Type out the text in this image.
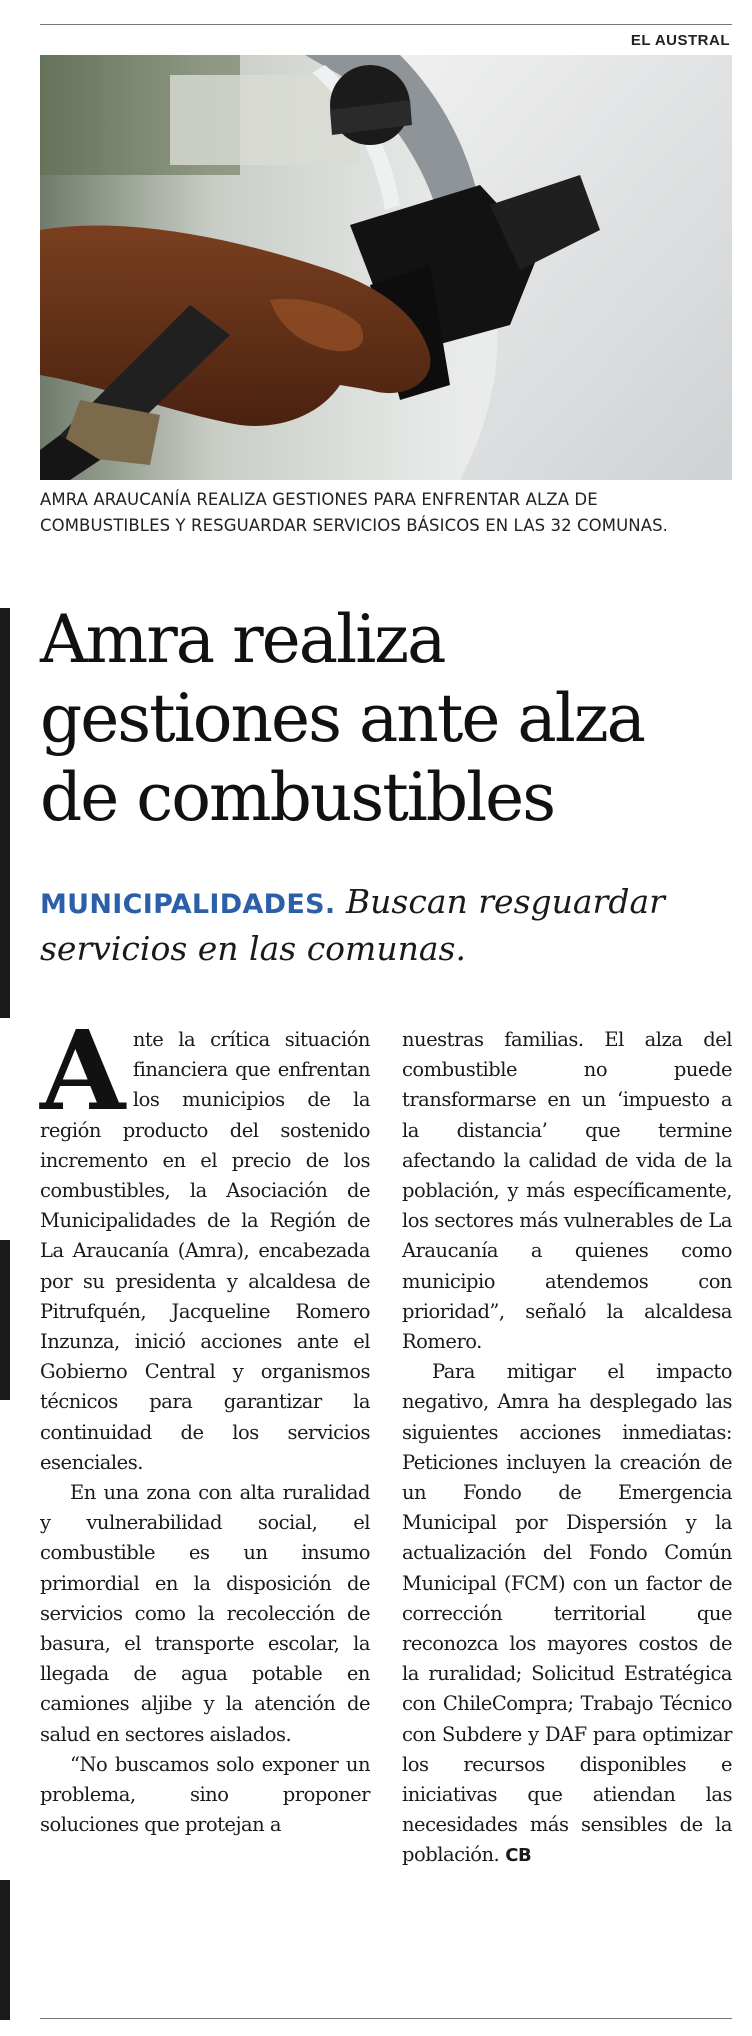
EL AUSTRAL
AMRA ARAUCANÍA REALIZA GESTIONES PARA ENFRENTAR ALZA DE COMBUSTIBLES Y RESGUARDAR SERVICIOS BÁSICOS EN LAS 32 COMUNAS.
Amra realiza gestiones ante alza de combustibles
MUNICIPALIDADES. Buscan resguardar servicios en las comunas.

Ante la crítica situación financiera que enfrentan los municipios de la región producto del sostenido incremento en el precio de los combustibles, la Asociación de Municipalidades de la Región de La Araucanía (Amra), encabezada por su presidenta y alcaldesa de Pitrufquén, Jacqueline Romero Inzunza, inició acciones ante el Gobierno Central y organismos técnicos para garantizar la continuidad de los servicios esenciales.

En una zona con alta ruralidad y vulnerabilidad social, el combustible es un insumo primordial en la disposición de servicios como la recolección de basura, el transporte escolar, la llegada de agua potable en camiones aljibe y la atención de salud en sectores aislados.

“No buscamos solo exponer un problema, sino proponer soluciones que protejan a

nuestras familias. El alza del combustible no puede transformarse en un ‘impuesto a la distancia’ que termine afectando la calidad de vida de la población, y más específicamente, los sectores más vulnerables de La Araucanía a quienes como municipio atendemos con prioridad”, señaló la alcaldesa Romero.

Para mitigar el impacto negativo, Amra ha desplegado las siguientes acciones inmediatas: Peticiones incluyen la creación de un Fondo de Emergencia Municipal por Dispersión y la actualización del Fondo Común Municipal (FCM) con un factor de corrección territorial que reconozca los mayores costos de la ruralidad; Solicitud Estratégica con ChileCompra; Trabajo Técnico con Subdere y DAF para optimizar los recursos disponibles e iniciativas que atiendan las necesidades más sensibles de la población. CB
